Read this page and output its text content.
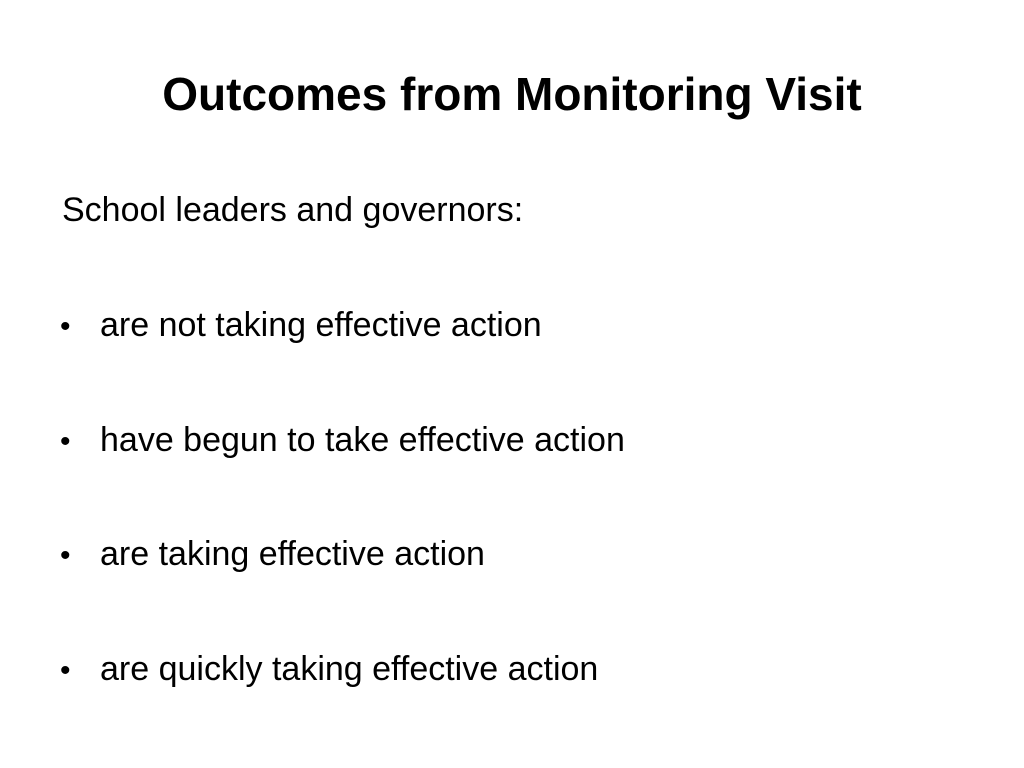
Outcomes from Monitoring Visit

School leaders and governors:

• are not taking effective action
• have begun to take effective action
• are taking effective action
• are quickly taking effective action
